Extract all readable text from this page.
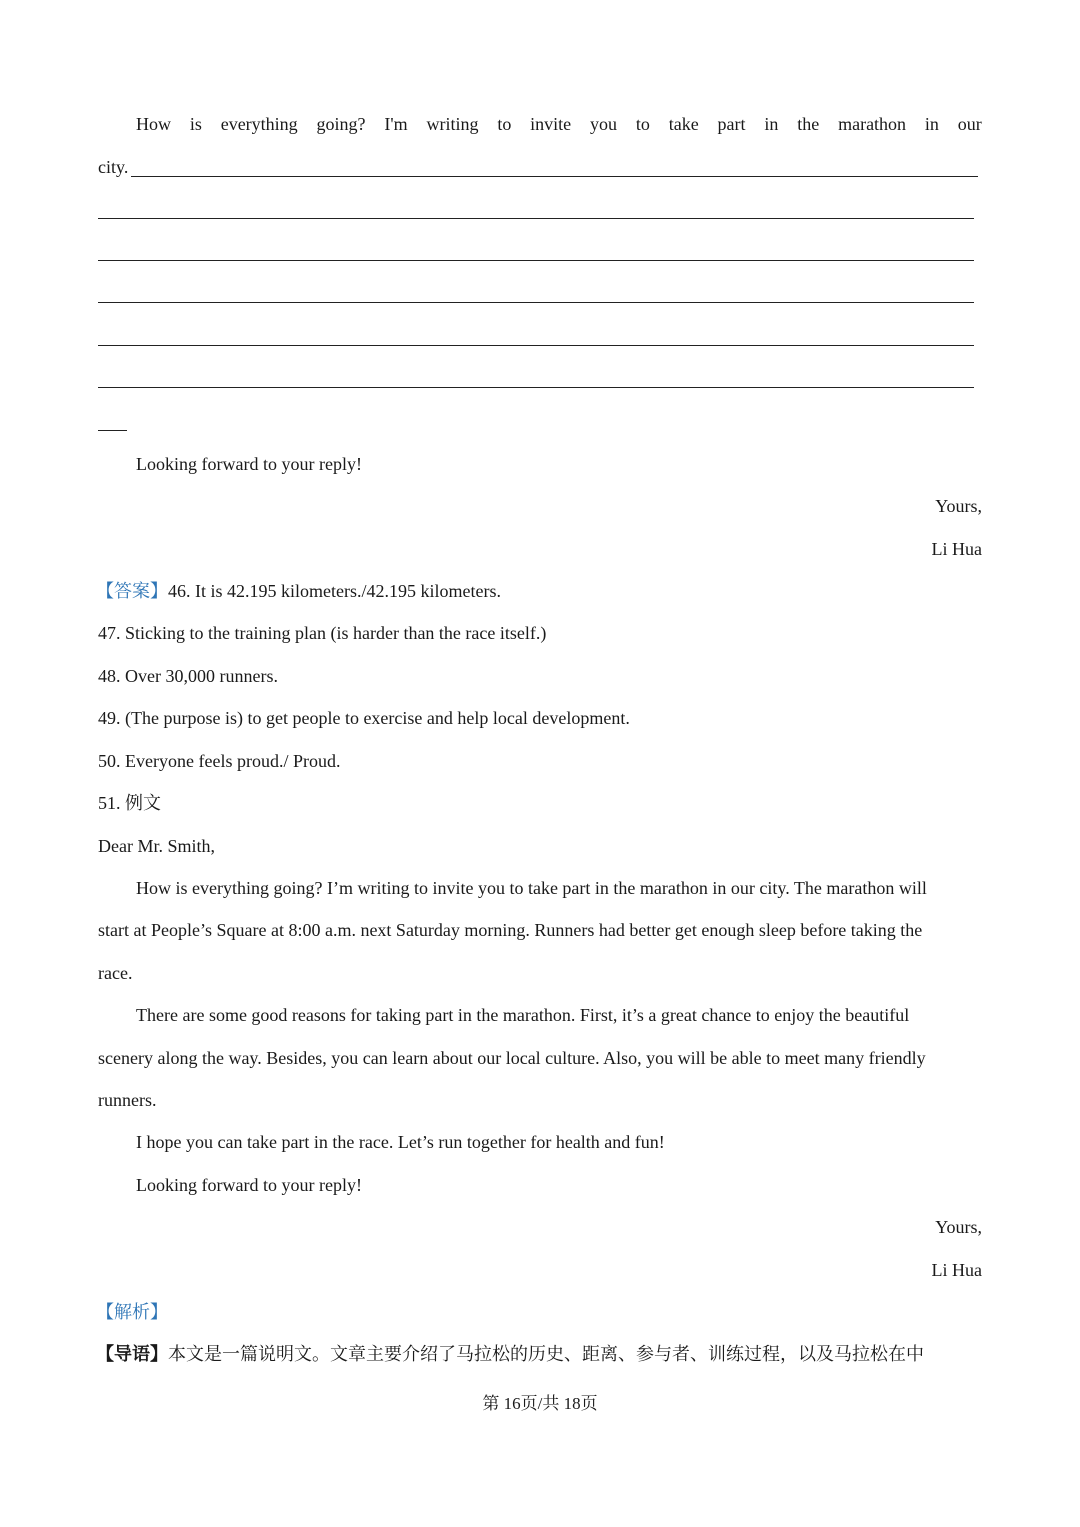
How is everything going? I'm writing to invite you to take part in the marathon in our
city.
Looking forward to your reply!
Yours,
Li Hua
【答案】46. It is 42.195 kilometers./42.195 kilometers.
47. Sticking to the training plan (is harder than the race itself.)
48. Over 30,000 runners.
49. (The purpose is) to get people to exercise and help local development.
50. Everyone feels proud./ Proud.
51. 例文
Dear Mr. Smith,
How is everything going? I’m writing to invite you to take part in the marathon in our city. The marathon will
start at People’s Square at 8:00 a.m. next Saturday morning. Runners had better get enough sleep before taking the
race.
There are some good reasons for taking part in the marathon. First, it’s a great chance to enjoy the beautiful
scenery along the way. Besides, you can learn about our local culture. Also, you will be able to meet many friendly
runners.
I hope you can take part in the race. Let’s run together for health and fun!
Looking forward to your reply!
Yours,
Li Hua
【解析】
【导语】本文是一篇说明文。文章主要介绍了马拉松的历史、距离、参与者、训练过程，以及马拉松在中
第 16页/共 18页
